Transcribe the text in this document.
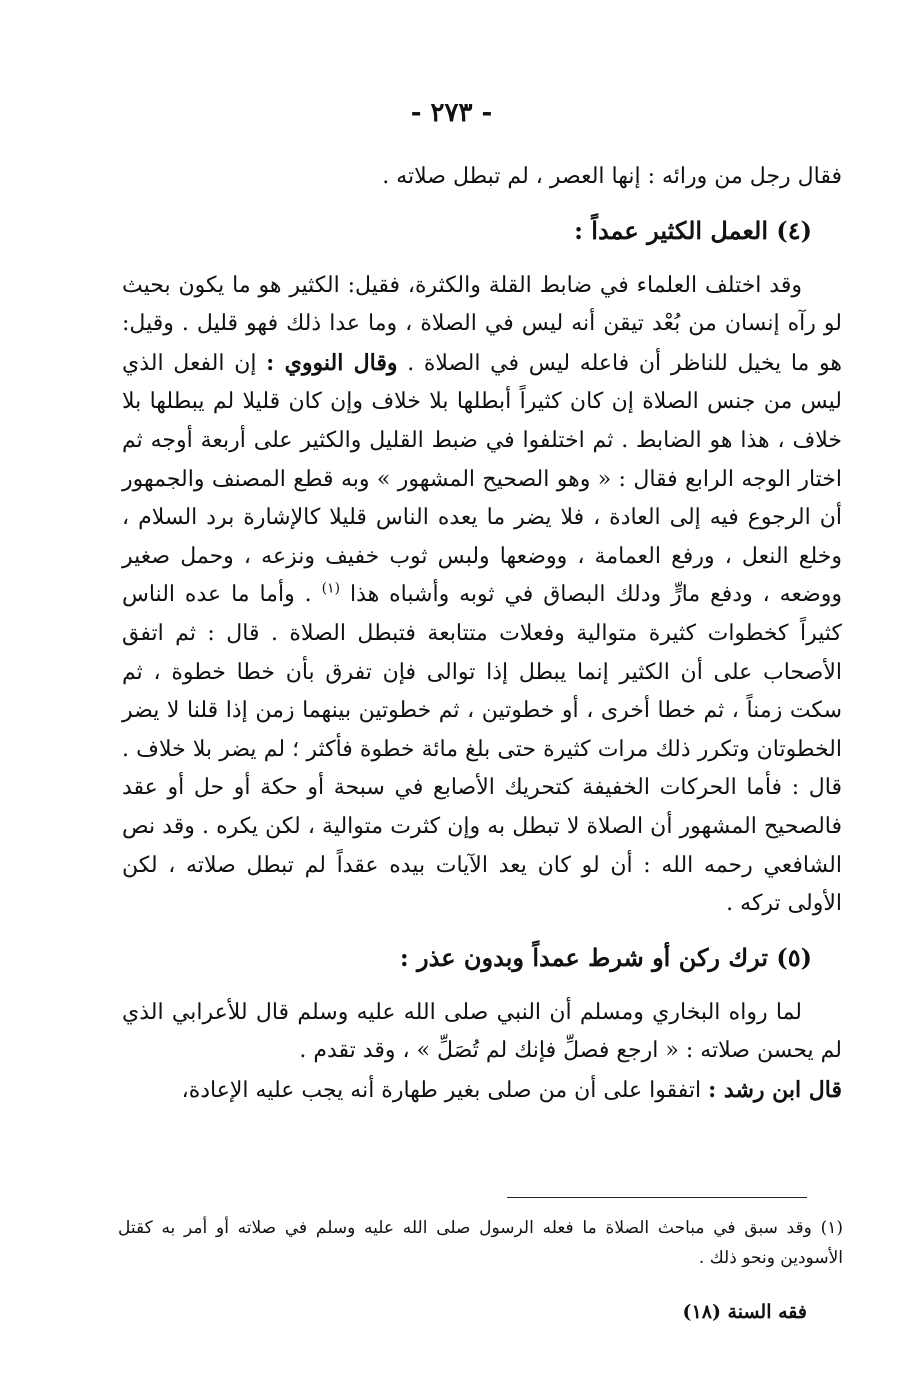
- ٢٧٣ -

فقال رجل من ورائه : إنها العصر ، لم تبطل صلاته .

(٤) العمل الكثير عمداً :

وقد اختلف العلماء في ضابط القلة والكثرة، فقيل: الكثير هو ما يكون بحيث لو رآه إنسان من بُعْد تيقن أنه ليس في الصلاة ، وما عدا ذلك فهو قليل . وقيل: هو ما يخيل للناظر أن فاعله ليس في الصلاة . وقال النووي : إن الفعل الذي ليس من جنس الصلاة إن كان كثيراً أبطلها بلا خلاف وإن كان قليلا لم يبطلها بلا خلاف ، هذا هو الضابط . ثم اختلفوا في ضبط القليل والكثير على أربعة أوجه ثم اختار الوجه الرابع فقال : « وهو الصحيح المشهور » وبه قطع المصنف والجمهور أن الرجوع فيه إلى العادة ، فلا يضر ما يعده الناس قليلا كالإشارة برد السلام ، وخلع النعل ، ورفع العمامة ، ووضعها ولبس ثوب خفيف ونزعه ، وحمل صغير ووضعه ، ودفع مارٍّ ودلك البصاق في ثوبه وأشباه هذا $^{(١)}$ . وأما ما عده الناس كثيراً كخطوات كثيرة متوالية وفعلات متتابعة فتبطل الصلاة . قال : ثم اتفق الأصحاب على أن الكثير إنما يبطل إذا توالى فإن تفرق بأن خطا خطوة ، ثم سكت زمناً ، ثم خطا أخرى ، أو خطوتين ، ثم خطوتين بينهما زمن إذا قلنا لا يضر الخطوتان وتكرر ذلك مرات كثيرة حتى بلغ مائة خطوة فأكثر ؛ لم يضر بلا خلاف . قال : فأما الحركات الخفيفة كتحريك الأصابع في سبحة أو حكة أو حل أو عقد فالصحيح المشهور أن الصلاة لا تبطل به وإن كثرت متوالية ، لكن يكره . وقد نص الشافعي رحمه الله : أن لو كان يعد الآيات بيده عقداً لم تبطل صلاته ، لكن الأولى تركه .

(٥) ترك ركن أو شرط عمداً وبدون عذر :

لما رواه البخاري ومسلم أن النبي صلى الله عليه وسلم قال للأعرابي الذي لم يحسن صلاته : « ارجع فصلِّ فإنك لم تُصَلِّ » ، وقد تقدم .

قال ابن رشد : اتفقوا على أن من صلى بغير طهارة أنه يجب عليه الإعادة،

(١) وقد سبق في مباحث الصلاة ما فعله الرسول صلى الله عليه وسلم في صلاته أو أمر به كقتل الأسودين ونحو ذلك .
فقه السنة (١٨)
